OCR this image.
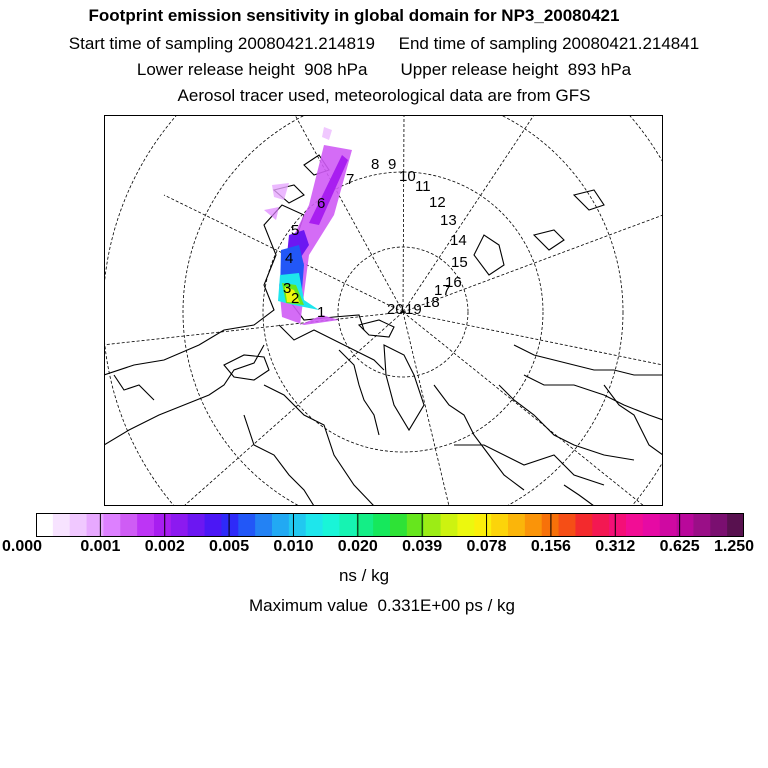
Footprint emission sensitivity in global domain for NP3_20080421
Start time of sampling 20080421.214819     End time of sampling 20080421.214841
Lower release height  908 hPa       Upper release height  893 hPa
Aerosol tracer used, meteorological data are from GFS
1
2
3
4
5
6
7
8 9
10
11
12
13
14
15
16
17
18
19
20
0.000 0.001 0.002 0.005 0.010 0.020 0.039 0.078 0.156 0.312 0.625 1.250
ns / kg
Maximum value  0.331E+00 ps / kg
